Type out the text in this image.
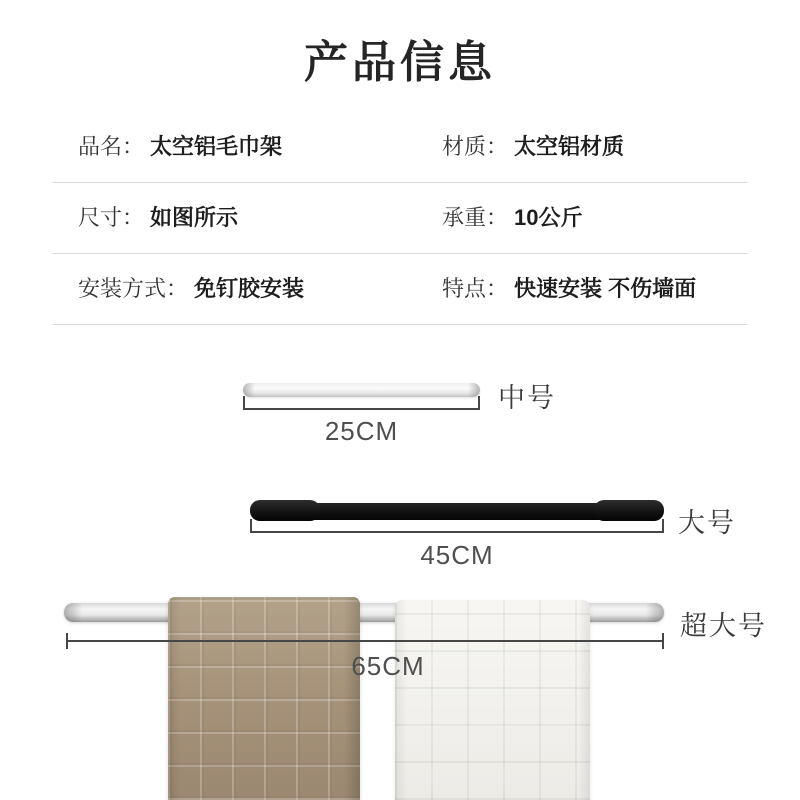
产品信息
品名： 太空铝毛巾架	材质： 太空铝材质
尺寸： 如图所示	承重： 10公斤
安装方式： 免钉胶安装	特点： 快速安装 不伤墙面
25CM
中号
45CM
大号
65CM
超大号
